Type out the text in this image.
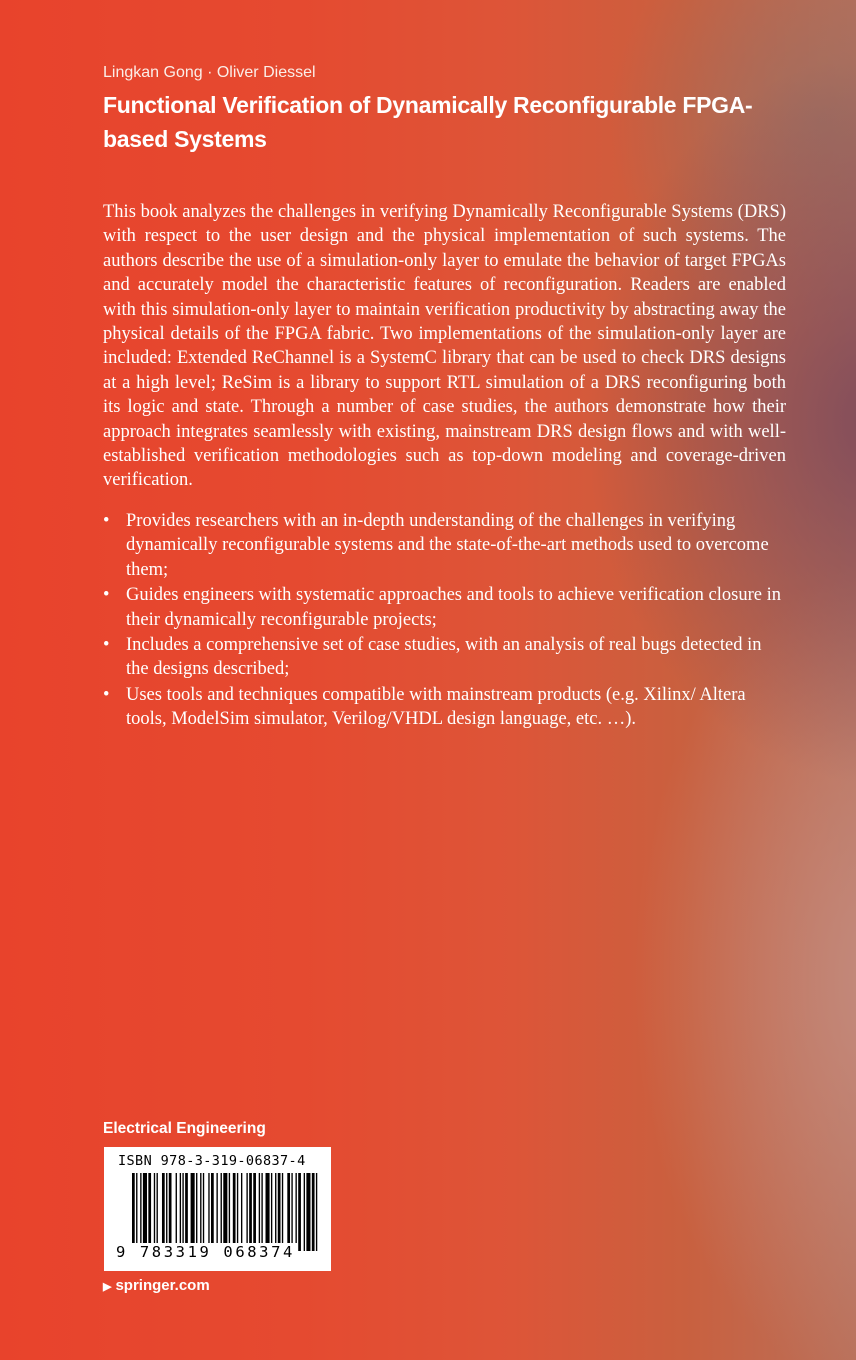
Lingkan Gong · Oliver Diessel
Functional Verification of Dynamically Reconfigurable FPGA-based Systems

This book analyzes the challenges in verifying Dynamically Reconfigurable Systems (DRS) with respect to the user design and the physical implementation of such systems. The authors describe the use of a simulation-only layer to emulate the behavior of target FPGAs and accurately model the characteristic features of reconfiguration. Readers are enabled with this simulation-only layer to maintain verification productivity by abstracting away the physical details of the FPGA fabric. Two implementations of the simulation-only layer are included: Extended ReChannel is a SystemC library that can be used to check DRS designs at a high level; ReSim is a library to support RTL simulation of a DRS reconfiguring both its logic and state. Through a number of case studies, the authors demonstrate how their approach integrates seamlessly with existing, mainstream DRS design flows and with well-established verification methodologies such as top-down modeling and coverage-driven verification.

• Provides researchers with an in-depth understanding of the challenges in verifying dynamically reconfigurable systems and the state-of-the-art methods used to overcome them;
• Guides engineers with systematic approaches and tools to achieve verification closure in their dynamically reconfigurable projects;
• Includes a comprehensive set of case studies, with an analysis of real bugs detected in the designs described;
• Uses tools and techniques compatible with mainstream products (e.g. Xilinx/ Altera tools, ModelSim simulator, Verilog/VHDL design language, etc. …).
Electrical Engineering
ISBN 978-3-319-06837-4
9 783319 068374
▶ springer.com
